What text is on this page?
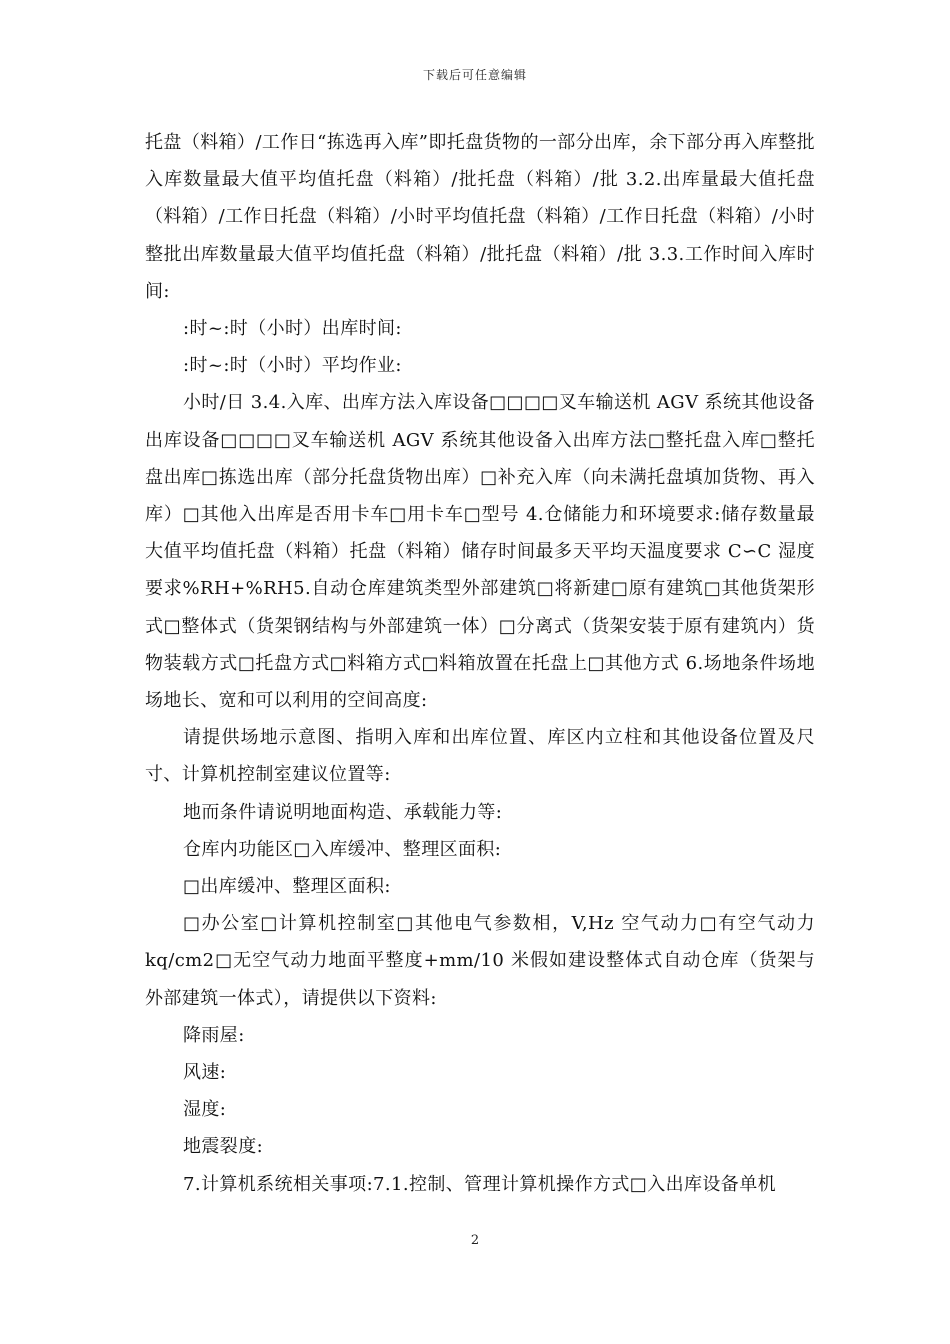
下载后可任意编辑

托盘（料箱）/工作日“拣选再入库”即托盘货物的一部分出库，余下部分再入库整批入库数量最大值平均值托盘（料箱）/批托盘（料箱）/批 3.2.出库量最大值托盘（料箱）/工作日托盘（料箱）/小时平均值托盘（料箱）/工作日托盘（料箱）/小时整批出库数量最大值平均值托盘（料箱）/批托盘（料箱）/批 3.3.工作时间入库时间:

:时~:时（小时）出库时间:

:时~:时（小时）平均作业:

小时/日 3.4.入库、出库方法入库设备□□□□叉车输送机 AGV 系统其他设备出库设备□□□□叉车输送机 AGV 系统其他设备入出库方法□整托盘入库□整托盘出库□拣选出库（部分托盘货物出库）□补充入库（向未满托盘填加货物、再入库）□其他入出库是否用卡车□用卡车□型号 4.仓储能力和环境要求:储存数量最大值平均值托盘（料箱）托盘（料箱）储存时间最多天平均天温度要求 C∽C 湿度要求%RH+%RH5.自动仓库建筑类型外部建筑□将新建□原有建筑□其他货架形式□整体式（货架钢结构与外部建筑一体）□分离式（货架安装于原有建筑内）货物装载方式□托盘方式□料箱方式□料箱放置在托盘上□其他方式 6.场地条件场地场地长、宽和可以利用的空间高度:

请提供场地示意图、指明入库和出库位置、库区内立柱和其他设备位置及尺寸、计算机控制室建议位置等:

地而条件请说明地面构造、承载能力等:

仓库内功能区□入库缓冲、整理区面积:

□出库缓冲、整理区面积:

□办公室□计算机控制室□其他电气参数相，V,Hz 空气动力□有空气动力 kq/cm2□无空气动力地面平整度+mm/10 米假如建设整体式自动仓库（货架与外部建筑一体式），请提供以下资料:

降雨屋:

风速:

湿度:

地震裂度:

7.计算机系统相关事项:7.1.控制、管理计算机操作方式□入出库设备单机

2
